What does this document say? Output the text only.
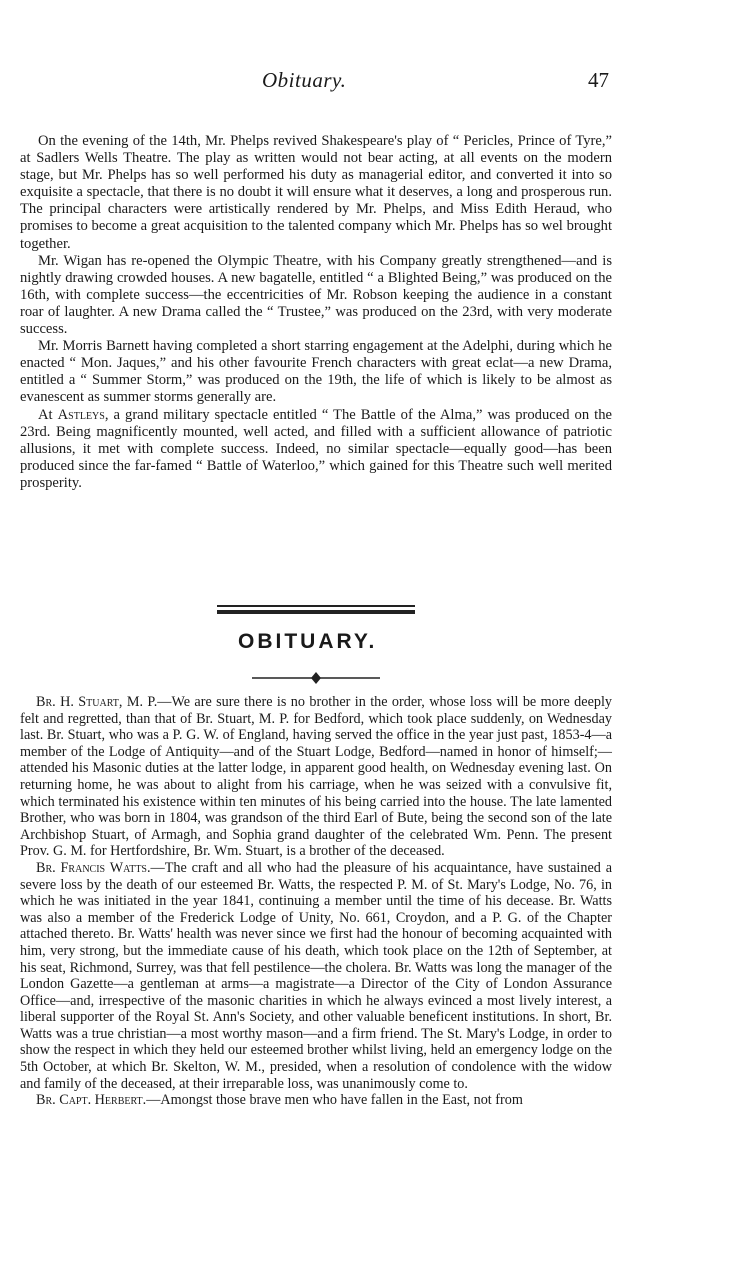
Obituary.	47

On the evening of the 14th, Mr. Phelps revived Shakespeare's play of “ Pericles, Prince of Tyre,” at Sadlers Wells Theatre. The play as written would not bear acting, at all events on the modern stage, but Mr. Phelps has so well performed his duty as managerial editor, and converted it into so exquisite a spectacle, that there is no doubt it will ensure what it deserves, a long and prosperous run. The principal characters were artistically rendered by Mr. Phelps, and Miss Edith Heraud, who promises to become a great acquisition to the talented company which Mr. Phelps has so wel brought together.

Mr. Wigan has re-opened the Olympic Theatre, with his Company greatly strengthened—and is nightly drawing crowded houses. A new bagatelle, entitled “ a Blighted Being,” was produced on the 16th, with complete success—the eccentricities of Mr. Robson keeping the audience in a constant roar of laughter. A new Drama called the “ Trustee,” was produced on the 23rd, with very moderate success.

Mr. Morris Barnett having completed a short starring engagement at the Adelphi, during which he enacted “ Mon. Jaques,” and his other favourite French characters with great eclat—a new Drama, entitled a “ Summer Storm,” was produced on the 19th, the life of which is likely to be almost as evanescent as summer storms generally are.

At Astleys, a grand military spectacle entitled “ The Battle of the Alma,” was produced on the 23rd. Being magnificently mounted, well acted, and filled with a sufficient allowance of patriotic allusions, it met with complete success. Indeed, no similar spectacle—equally good—has been produced since the far-famed “ Battle of Waterloo,” which gained for this Theatre such well merited prosperity.

OBITUARY.

Br. H. Stuart, M. P.—We are sure there is no brother in the order, whose loss will be more deeply felt and regretted, than that of Br. Stuart, M. P. for Bedford, which took place suddenly, on Wednesday last. Br. Stuart, who was a P. G. W. of England, having served the office in the year just past, 1853-4—a member of the Lodge of Antiquity—and of the Stuart Lodge, Bedford—named in honor of himself;—attended his Masonic duties at the latter lodge, in apparent good health, on Wednesday evening last. On returning home, he was about to alight from his carriage, when he was seized with a convulsive fit, which terminated his existence within ten minutes of his being carried into the house. The late lamented Brother, who was born in 1804, was grandson of the third Earl of Bute, being the second son of the late Archbishop Stuart, of Armagh, and Sophia grand daughter of the celebrated Wm. Penn. The present Prov. G. M. for Hertfordshire, Br. Wm. Stuart, is a brother of the deceased.

Br. Francis Watts.—The craft and all who had the pleasure of his acquaintance, have sustained a severe loss by the death of our esteemed Br. Watts, the respected P. M. of St. Mary's Lodge, No. 76, in which he was initiated in the year 1841, continuing a member until the time of his decease. Br. Watts was also a member of the Frederick Lodge of Unity, No. 661, Croydon, and a P. G. of the Chapter attached thereto. Br. Watts' health was never since we first had the honour of becoming acquainted with him, very strong, but the immediate cause of his death, which took place on the 12th of September, at his seat, Richmond, Surrey, was that fell pestilence—the cholera. Br. Watts was long the manager of the London Gazette—a gentleman at arms—a magistrate—a Director of the City of London Assurance Office—and, irrespective of the masonic charities in which he always evinced a most lively interest, a liberal supporter of the Royal St. Ann's Society, and other valuable beneficent institutions. In short, Br. Watts was a true christian—a most worthy mason—and a firm friend. The St. Mary's Lodge, in order to show the respect in which they held our esteemed brother whilst living, held an emergency lodge on the 5th October, at which Br. Skelton, W. M., presided, when a resolution of condolence with the widow and family of the deceased, at their irreparable loss, was unanimously come to.

Br. Capt. Herbert.—Amongst those brave men who have fallen in the East, not from
